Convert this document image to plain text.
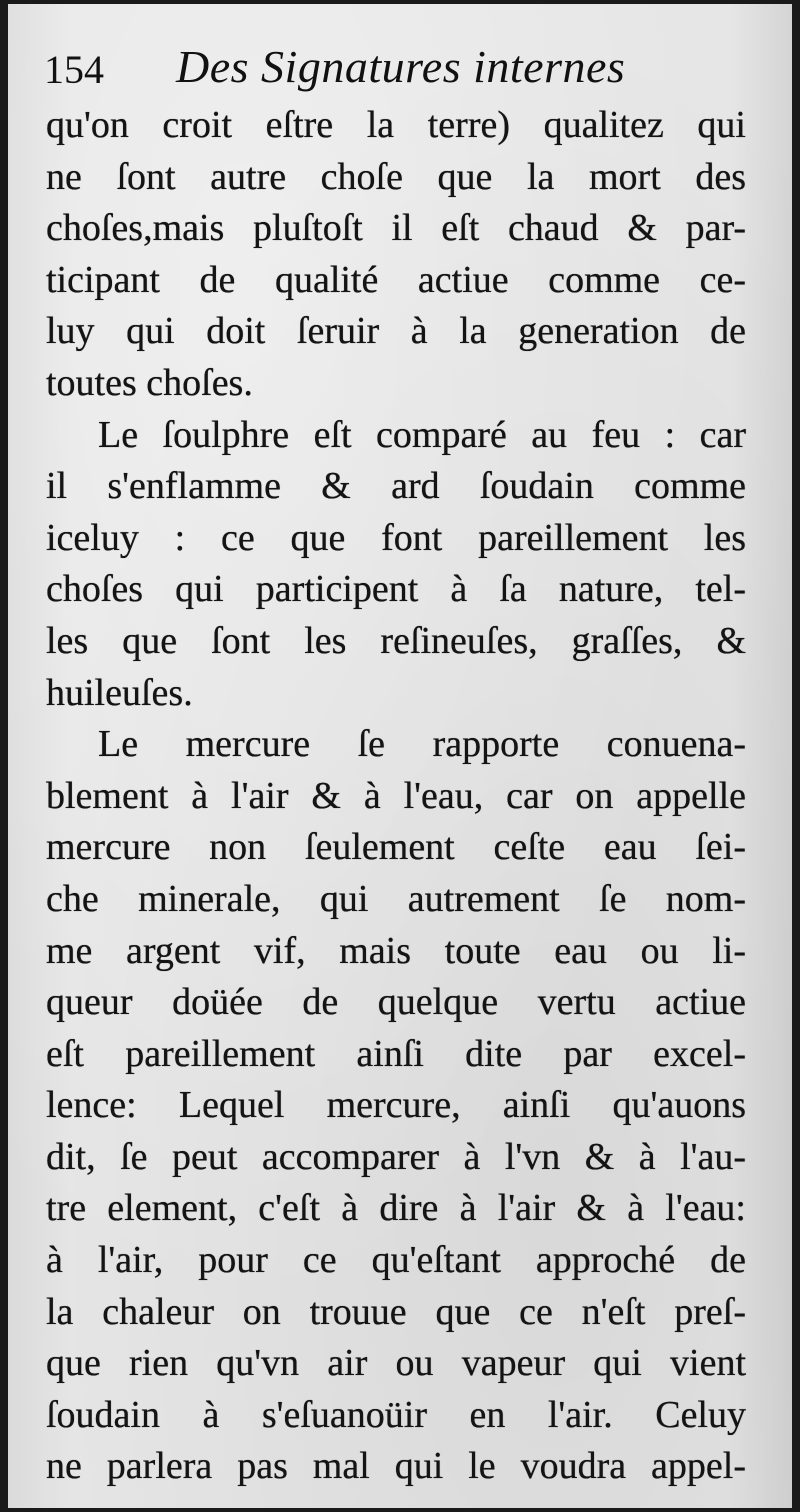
154 Des Signatures internes
qu'on croit eſtre la terre) qualitez qui
ne ſont autre choſe que la mort des
choſes,mais pluſtoſt il eſt chaud & par-
ticipant de qualité actiue comme ce-
luy qui doit ſeruir à la generation de
toutes choſes.
Le ſoulphre eſt comparé au feu : car
il s'enflamme & ard ſoudain comme
iceluy : ce que font pareillement les
choſes qui participent à ſa nature, tel-
les que ſont les reſineuſes, graſſes, &
huileuſes.
Le mercure ſe rapporte conuena-
blement à l'air & à l'eau, car on appelle
mercure non ſeulement ceſte eau ſei-
che minerale, qui autrement ſe nom-
me argent vif, mais toute eau ou li-
queur doüée de quelque vertu actiue
eſt pareillement ainſi dite par excel-
lence: Lequel mercure, ainſi qu'auons
dit, ſe peut accomparer à l'vn & à l'au-
tre element, c'eſt à dire à l'air & à l'eau:
à l'air, pour ce qu'eſtant approché de
la chaleur on trouue que ce n'eſt preſ-
que rien qu'vn air ou vapeur qui vient
ſoudain à s'eſuanoüir en l'air. Celuy
ne parlera pas mal qui le voudra appel-
